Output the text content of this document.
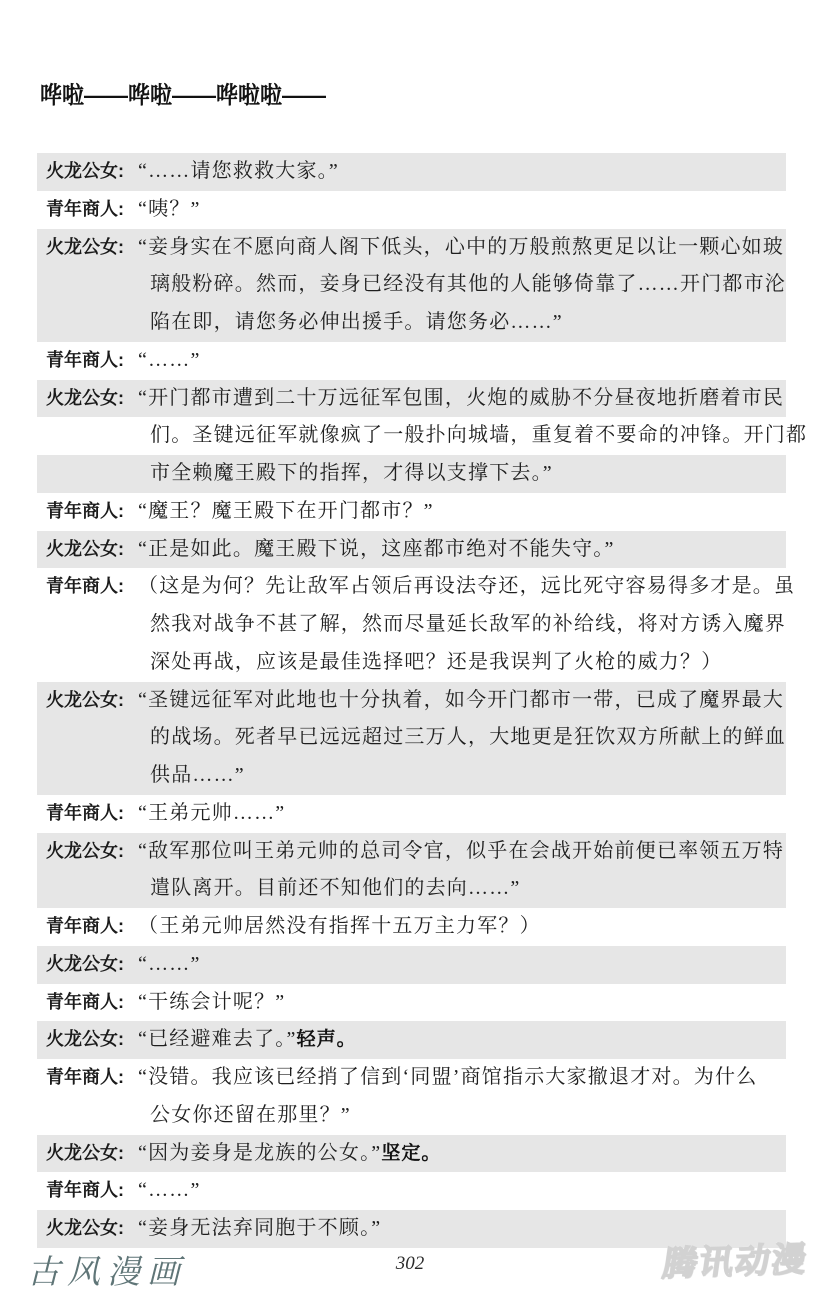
哗啦——哗啦——哗啦啦——
火龙公女: “……请您救救大家。”
青年商人: “咦？”
火龙公女: “妾身实在不愿向商人阁下低头，心中的万般煎熬更足以让一颗心如玻
璃般粉碎。然而，妾身已经没有其他的人能够倚靠了……开门都市沦
陷在即，请您务必伸出援手。请您务必……”
青年商人: “……”
火龙公女: “开门都市遭到二十万远征军包围，火炮的威胁不分昼夜地折磨着市民
们。圣键远征军就像疯了一般扑向城墙，重复着不要命的冲锋。开门都
市全赖魔王殿下的指挥，才得以支撑下去。”
青年商人: “魔王？魔王殿下在开门都市？”
火龙公女: “正是如此。魔王殿下说，这座都市绝对不能失守。”
青年商人: （这是为何？先让敌军占领后再设法夺还，远比死守容易得多才是。虽
然我对战争不甚了解，然而尽量延长敌军的补给线，将对方诱入魔界
深处再战，应该是最佳选择吧？还是我误判了火枪的威力？）
火龙公女: “圣键远征军对此地也十分执着，如今开门都市一带，已成了魔界最大
的战场。死者早已远远超过三万人，大地更是狂饮双方所献上的鲜血
供品……”
青年商人: “王弟元帅……”
火龙公女: “敌军那位叫王弟元帅的总司令官，似乎在会战开始前便已率领五万特
遣队离开。目前还不知他们的去向……”
青年商人: （王弟元帅居然没有指挥十五万主力军？）
火龙公女: “……”
青年商人: “干练会计呢？”
火龙公女: “已经避难去了。”轻声。
青年商人: “没错。我应该已经捎了信到‘同盟’商馆指示大家撤退才对。为什么
公女你还留在那里？”
火龙公女: “因为妾身是龙族的公女。”坚定。
青年商人: “……”
火龙公女: “妾身无法弃同胞于不顾。”
古风漫画	302	腾讯动漫
